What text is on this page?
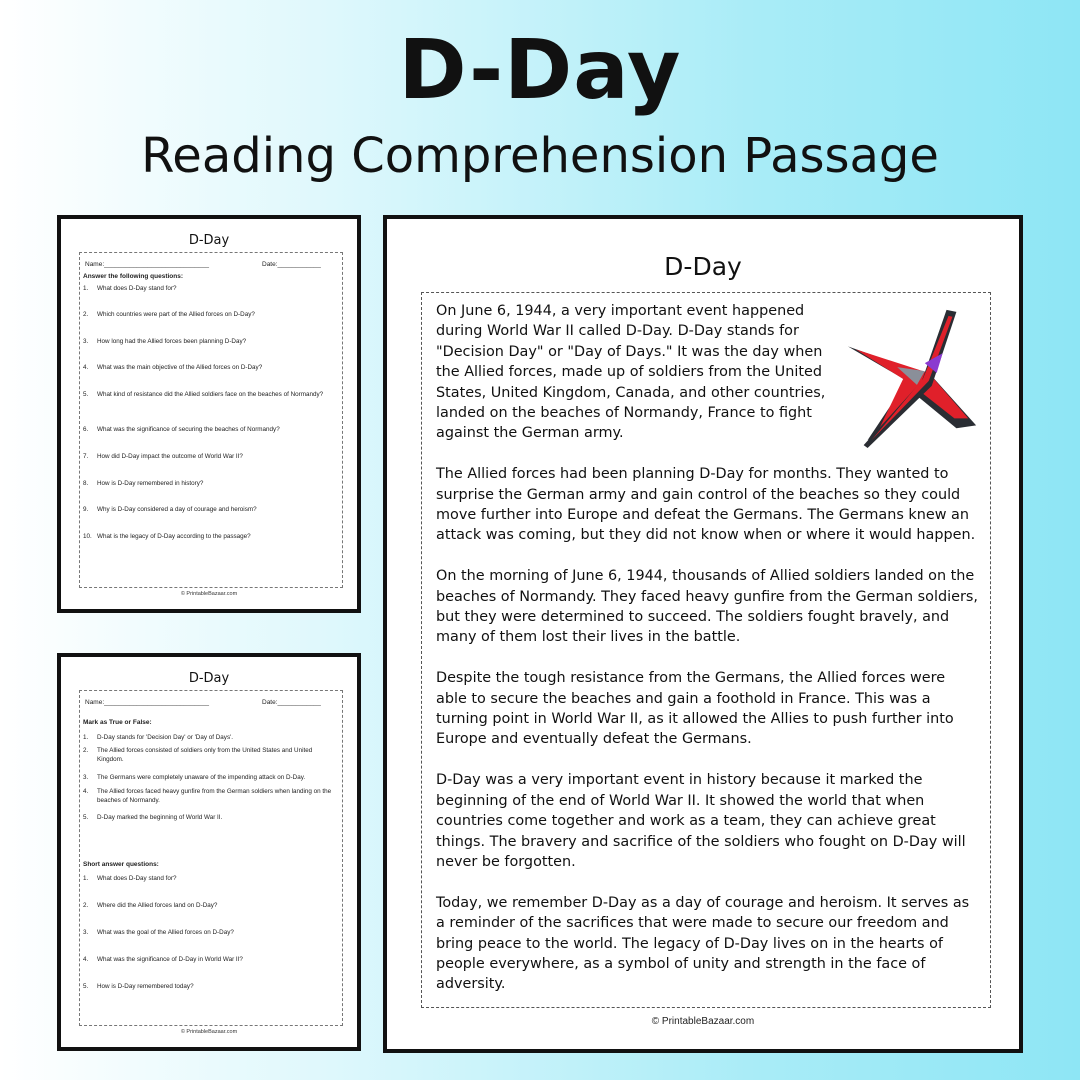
D-Day
Reading Comprehension Passage
D-Day
Name:_____________________________	Date:____________
Answer the following questions:
1.	What does D-Day stand for?
2.	Which countries were part of the Allied forces on D-Day?
3.	How long had the Allied forces been planning D-Day?
4.	What was the main objective of the Allied forces on D-Day?
5.	What kind of resistance did the Allied soldiers face on the beaches of Normandy?
6.	What was the significance of securing the beaches of Normandy?
7.	How did D-Day impact the outcome of World War II?
8.	How is D-Day remembered in history?
9.	Why is D-Day considered a day of courage and heroism?
10. What is the legacy of D-Day according to the passage?
© PrintableBazaar.com
D-Day
Name:_____________________________	Date:____________
Mark as True or False:
1.	D-Day stands for 'Decision Day' or 'Day of Days'.
2.	The Allied forces consisted of soldiers only from the United States and United Kingdom.
3.	The Germans were completely unaware of the impending attack on D-Day.
4.	The Allied forces faced heavy gunfire from the German soldiers when landing on the beaches of Normandy.
5.	D-Day marked the beginning of World War II.
Short answer questions:
1.	What does D-Day stand for?
2.	Where did the Allied forces land on D-Day?
3.	What was the goal of the Allied forces on D-Day?
4.	What was the significance of D-Day in World War II?
5.	How is D-Day remembered today?
© PrintableBazaar.com
D-Day

On June 6, 1944, a very important event happened during World War II called D-Day. D-Day stands for "Decision Day" or "Day of Days." It was the day when the Allied forces, made up of soldiers from the United States, United Kingdom, Canada, and other countries, landed on the beaches of Normandy, France to fight against the German army.

The Allied forces had been planning D-Day for months. They wanted to surprise the German army and gain control of the beaches so they could move further into Europe and defeat the Germans. The Germans knew an attack was coming, but they did not know when or where it would happen.

On the morning of June 6, 1944, thousands of Allied soldiers landed on the beaches of Normandy. They faced heavy gunfire from the German soldiers, but they were determined to succeed. The soldiers fought bravely, and many of them lost their lives in the battle.

Despite the tough resistance from the Germans, the Allied forces were able to secure the beaches and gain a foothold in France. This was a turning point in World War II, as it allowed the Allies to push further into Europe and eventually defeat the Germans.

D-Day was a very important event in history because it marked the beginning of the end of World War II. It showed the world that when countries come together and work as a team, they can achieve great things. The bravery and sacrifice of the soldiers who fought on D-Day will never be forgotten.

Today, we remember D-Day as a day of courage and heroism. It serves as a reminder of the sacrifices that were made to secure our freedom and bring peace to the world. The legacy of D-Day lives on in the hearts of people everywhere, as a symbol of unity and strength in the face of adversity.

© PrintableBazaar.com
